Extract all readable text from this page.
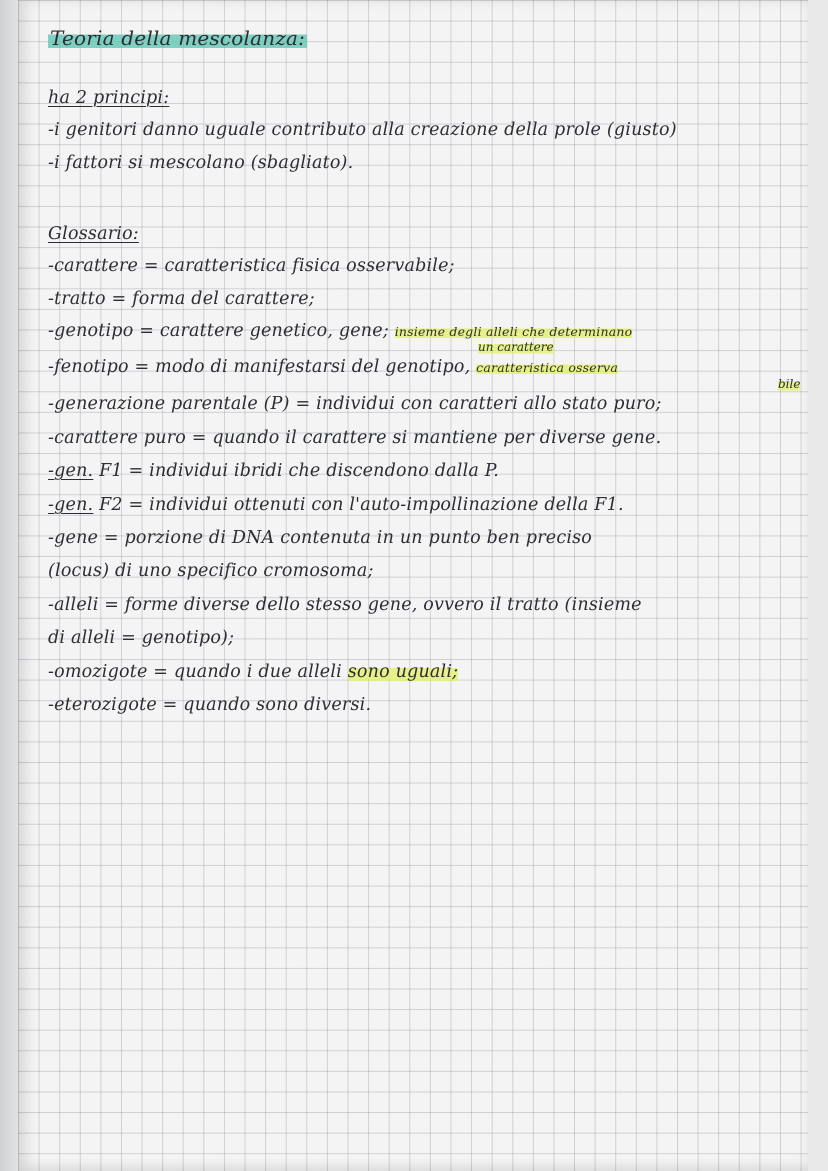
Teoria della mescolanza:
ha 2 principi:
-i genitori danno uguale contributo alla creazione della prole (giusto)
-i fattori si mescolano (sbagliato).
Glossario:
-carattere = caratteristica fisica osservabile;
-tratto = forma del carattere;
-genotipo = carattere genetico, gene; insieme degli alleli che determinano
un carattere
-fenotipo = modo di manifestarsi del genotipo, caratteristica osserva
bile
-generazione parentale (P) = individui con caratteri allo stato puro;
-carattere puro = quando il carattere si mantiene per diverse gene.
-gen. F1 = individui ibridi che discendono dalla P.
-gen. F2 = individui ottenuti con l'auto-impollinazione della F1.
-gene = porzione di DNA contenuta in un punto ben preciso
(locus) di uno specifico cromosoma;
-alleli = forme diverse dello stesso gene, ovvero il tratto (insieme
di alleli = genotipo);
-omozigote = quando i due alleli sono uguali;
-eterozigote = quando sono diversi.
